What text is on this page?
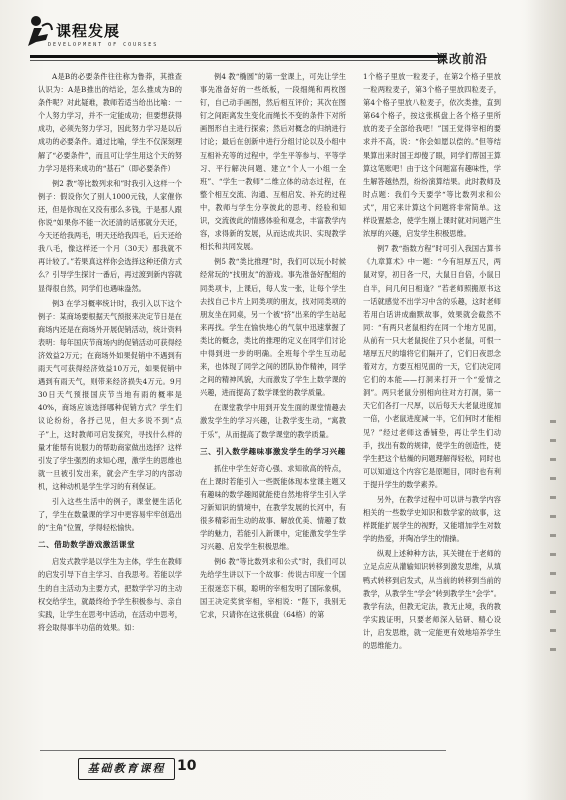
课程发展
DEVELOPMENT OF COURSES
课改前沿

A是B的必要条件往往称为鲁莽，其推查认识为：A是B推出的结论，怎么推成为B的条件呢？对此疑难，教师若适当给出比喻：一个人努力学习，并不一定能成功；但要想获得成功，必须先努力学习，因此努力学习是以后成功的必要条件。通过比喻，学生不仅深刻理解了“必要条件”，而且可让学生用这个天的努力学习是将来成功的“基石”（即必要条件）

例2 教“等比数列求和”时我引入这样一个例子：假设你欠了别人1000元钱，人家催你还，但是你现在又没有那么多钱，于是那人跟你说“如果你不能一次还清的话那就分天还，今天还给我两毛，明天还给我四毛，后天还给我八毛，像这样还一个月（30天）那我就不再计较了。”若果真这样你会选择这种还债方式么？引导学生探讨一番后，再过渡到新内容就显得很自然，同学们也遇味盎然。

例3 在学习概率统计时，我引入以下这个例子：某商场要根据天气预报来决定节日是在商场内还是在商场外开展促销活动，统计资料表明：每年国庆节商场内的促销活动可获得经济效益2万元；在商场外如果促销中不遇到有雨天气可获得经济效益10万元，如果促销中遇到有雨天气，则带来经济损失4万元。9月30日天气预报国庆节当地有雨的概率是40%，商场应该选择哪种促销方式？学生们议论纷纷，各抒己见，但大多说不到“点子”上，这时教师可启发探究，寻找什么样的量才能帮有说服力的帮助商家做出选择？这样引发了学生强烈的求知心理，激学生的思维也就一旦被引发出来，就会产生学习的内部动机，这种动机是学生学习的有利保证。

引入这些生活中的例子，课堂便生活化了，学生在数量课的学习中更容易牢牢创造出的“主角”位置，学得轻松愉快。

二、借助数学游戏激活课堂

启发式教学是以学生为主体，学生在教师的启发引导下自主学习、自我思考。若能以学生的自主活动为主要方式，把数学学习的主动权交给学生，就最终给予学生积极参与、亲自实践，让学生在思考中活动，在活动中思考，将会取得事半功倍的效果。如：

例4 教“椭圆”的第一堂课上，可先让学生事先准备好的一些纸板，一段细绳和两枚图钉，自己动手画图，然后相互评价；其次在图钉之间距离发生变化而绳长不变的条件下对所画图形自主进行探索；然后对概念的归纳进行讨论；最后在创新中进行分组讨论以及小组中互相补充等的过程中，学生平等参与、平等学习、平行解决问题、建立“个人一小组一全班”、“学生一教师”二维立体的动态过程，在整个相互交流、沟通、互相启发、补充的过程中，教师与学生分享彼此的思考、经验和知识，交流彼此的情感体验和观念，丰富教学内容，求得新的发展，从而达成共识、实现教学相长和共同发展。

例5 教“类比推理”时，我们可以玩小时候经常玩的“找朋友”的游戏。事先准备好配组的同类项卡，上课后，每人发一张，让每个学生去找自己卡片上同类项的朋友，找对同类项的朋友坐在同桌，另一个被“挤”出来的学生站起来再找。学生在愉快地心的气氛中迅速掌握了类比的概念，类比的推理的定义在同学们讨论中得到进一步的明确。全班每个学生互动起来，也体现了同学之间的团队协作精神，同学之间的精神风貌，大而激发了学生上数学课的兴趣，进而提高了数学课堂的教学质量。

在课堂教学中用到开发生面的课堂情趣去激发学生的学习兴趣，让教学变生动，“寓教于乐”，从而提高了数学课堂的教学质量。

三、引入数学趣味事激发学生的学习兴趣

抓住中学生好奇心强、求知欲高的特点，在上课时若能引入一些既能体现本堂课主题又有趣味的数学趣闻就能使自然地将学生引入学习新知识的情境中，在教学发展的长河中，有很多精彩而生动的故事、解放优美、情趣了数学的魅力，若能引入新课中，定能激发学生学习兴趣、启发学生积极思维。

例6 教“等比数列求和公式”时，我们可以先给学生讲以下一个故事：传说古印度一个国王很迷恋下棋，聪明的宰相发明了国际象棋，国王决定奖赏宰相，宰相说：“陛下，我别无它求，只请你在这张棋盘（64格）的第

1个格子里放一粒麦子，在第2个格子里放一粒两粒麦子，第3个格子里放四粒麦子，第4个格子里放八粒麦子，依次类推，直到第64个格子，按这张棋盘上各个格子里所放的麦子全部给我吧！”国王觉得宰相的要求并不高，说：“你会如愿以偿的。”但等结果算出来时国王却傻了眼，同学们帮国王算算这笔账吧！由于这个问题富有趣味性，学生解答越热烈，纷纷演算结果。此时教师及时点题：我们今天要学“等比数列求和公式”，用它来计算这个问题将非常简单。这样设置悬念，使学生刚上课时就对问题产生浓厚的兴趣，启发学生积极思维。

例7 教“指数方程”时可引入我国古算书《九章算术》中一题：“今有垣厚五尺，两鼠对穿，初日各一尺，大鼠日自倍，小鼠日自半，问几何日相逢？”若老师照搬原书这一话就感觉不出学习中含的乐趣，这时老师若用白话讲成幽默故事，效果就会截然不同：“有两只老鼠相约在同一个地方见面，从前有一只大老鼠捉住了只小老鼠，可恨一堵厚五尺的墙将它们隔开了，它们日夜思念着对方，方要互相见面的一天，它们决定同它们的本能——打洞来打开一个“爱情之洞”。两只老鼠分别相向往对方打洞，第一天它们各打一尺厚，以后每天大老鼠进度加一倍，小老鼠进度减一半，它们何时才能相见？”经过老师这番铺垫，再让学生们动手，找出有数的规律，使学生的创造性，使学生把这个枯燥的问题理解得轻松，同时也可以知道这个内容它是原题目，同时也有利于提升学生的数学素养。

另外，在教学过程中可以讲与教学内容相关的一些数学史知识和数学家的故事，这样既能扩展学生的视野，又能增加学生对数学的热爱，并陶冶学生的情操。

纵观上述种种方法，其关键在于老师的立足点应从灌输知识转移到激发思维，从填鸭式转移到启发式，从当前的转移到当前的教学，从教学生“学会”转到教学生“会学”。教学有法，但教无定法，教无止境，我的教学实践证明，只要老师深入钻研、精心设计，启发思维，就一定能更有效地培养学生的思维能力。

基础教育课程 10
